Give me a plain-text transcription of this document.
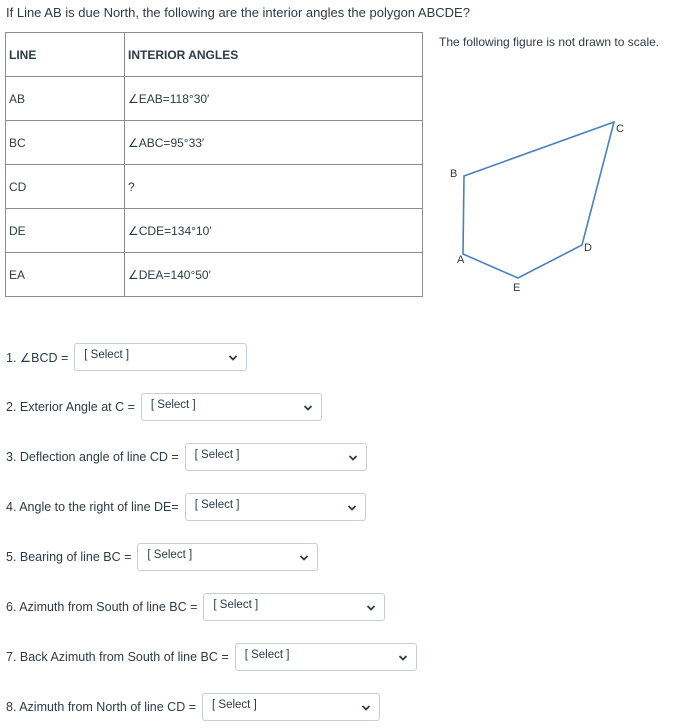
If Line AB is due North, the following are the interior angles the polygon ABCDE?
The following figure is not drawn to scale.
LINE	INTERIOR ANGLES
AB	∠EAB=118°30′
BC	∠ABC=95°33′
CD	?
DE	∠CDE=134°10′
EA	∠DEA=140°50′
B
C
D
E
A
1. ∠BCD = [ Select ]
2. Exterior Angle at C = [ Select ]
3. Deflection angle of line CD = [ Select ]
4. Angle to the right of line DE= [ Select ]
5. Bearing of line BC = [ Select ]
6. Azimuth from South of line BC = [ Select ]
7. Back Azimuth from South of line BC = [ Select ]
8. Azimuth from North of line CD = [ Select ]
